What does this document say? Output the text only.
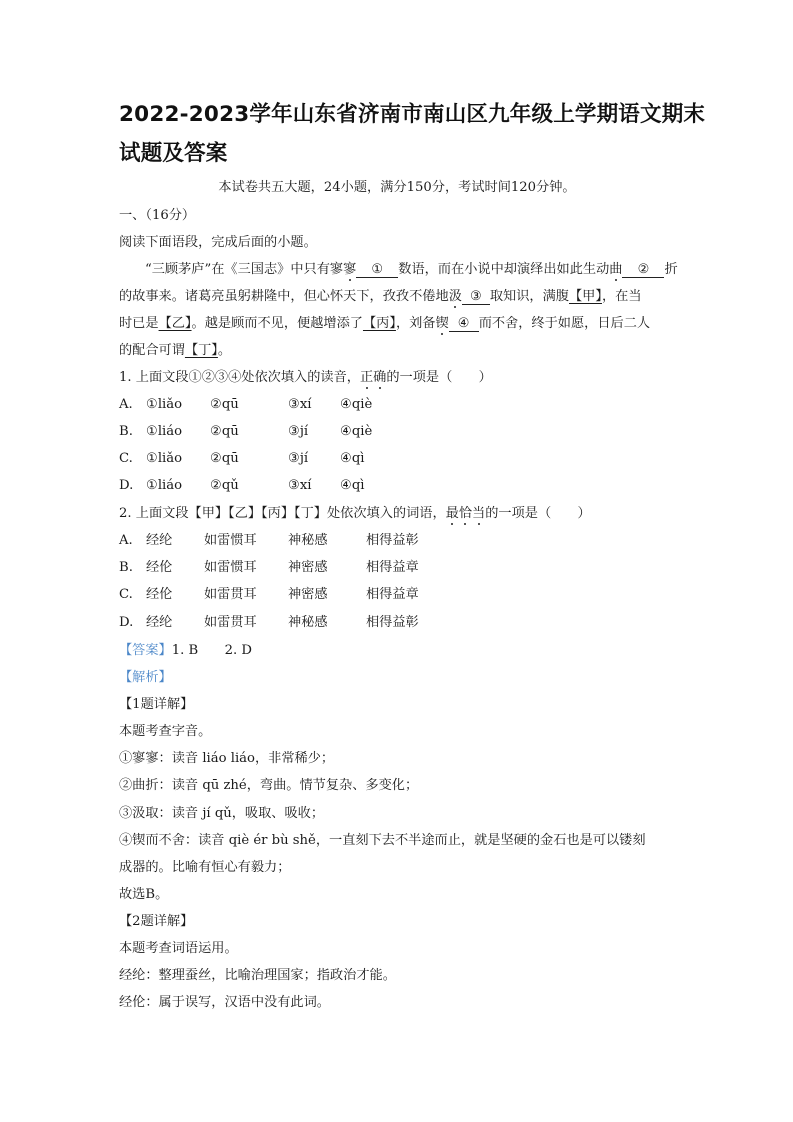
2022-2023学年山东省济南市南山区九年级上学期语文期末
试题及答案
本试卷共五大题，24小题，满分150分，考试时间120分钟。
一、（16分）
阅读下面语段，完成后面的小题。
“三顾茅庐”在《三国志》中只有寥寥 ① 数语，而在小说中却演绎出如此生动曲 ② 折
的故事来。诸葛亮虽躬耕隆中，但心怀天下，孜孜不倦地汲 ③ 取知识，满腹【甲】，在当
时已是【乙】。越是顾而不见，便越增添了【丙】，刘备锲 ④ 而不舍，终于如愿，日后二人
的配合可谓【丁】。
1. 上面文段①②③④处依次填入的读音，正确的一项是（　　）
A. ①liǎo ②qū	③xí ④qiè
B. ①liáo ②qū	③jí ④qiè
C. ①liǎo ②qū	③jí ④qì
D. ①liáo ②qǔ	③xí ④qì
2. 上面文段【甲】【乙】【丙】【丁】处依次填入的词语，最恰当的一项是（　　）
A. 经纶 如雷惯耳 神秘感	相得益彰
B. 经伦 如雷惯耳 神密感	相得益章
C. 经伦 如雷贯耳 神密感	相得益章
D. 经纶 如雷贯耳 神秘感	相得益彰
【答案】1. B　　2. D
【解析】
【1题详解】
本题考查字音。
①寥寥：读音 liáo liáo，非常稀少；
②曲折：读音 qū zhé，弯曲。情节复杂、多变化；
③汲取：读音 jí qǔ，吸取、吸收；
④锲而不舍：读音 qiè ér bù shě，一直刻下去不半途而止，就是坚硬的金石也是可以镂刻
成器的。比喻有恒心有毅力；
故选B。
【2题详解】
本题考查词语运用。
经纶：整理蚕丝，比喻治理国家；指政治才能。
经伦：属于误写，汉语中没有此词。
